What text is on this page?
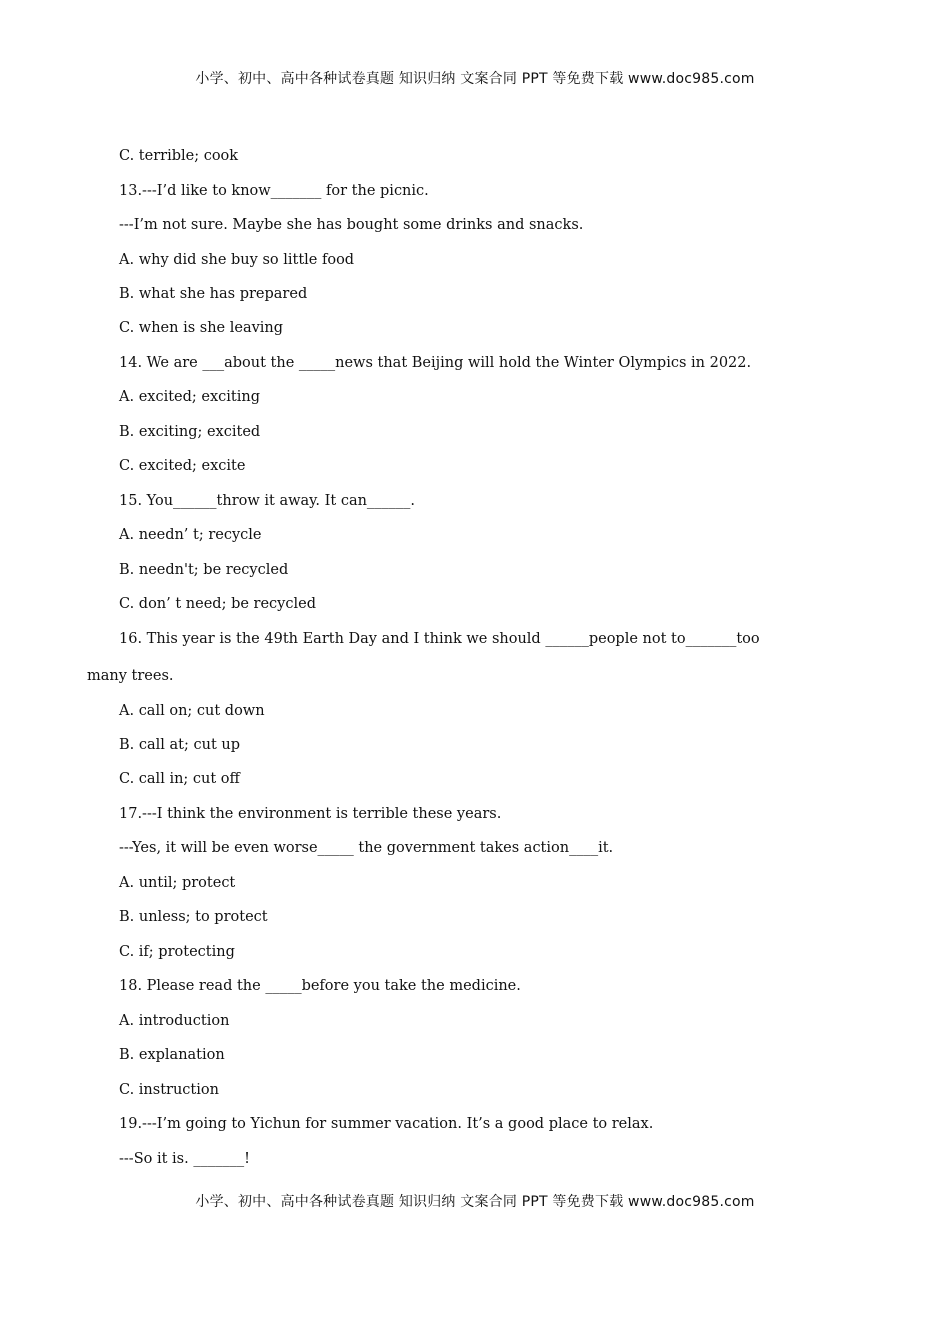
小学、初中、高中各种试卷真题 知识归纳 文案合同 PPT 等免费下载 www.doc985.com
C. terrible; cook
13.---I’d like to know_______ for the picnic.
---I’m not sure. Maybe she has bought some drinks and snacks.
A. why did she buy so little food
B. what she has prepared
C. when is she leaving
14. We are ___about the _____news that Beijing will hold the Winter Olympics in 2022.
A. excited; exciting
B. exciting; excited
C. excited; excite
15. You______throw it away. It can______.
A. needn’ t; recycle
B. needn't; be recycled
C. don’ t need; be recycled
16. This year is the 49th Earth Day and I think we should ______people not to_______too
many trees.
A. call on; cut down
B. call at; cut up
C. call in; cut off
17.---I think the environment is terrible these years.
---Yes, it will be even worse_____ the government takes action____it.
A. until; protect
B. unless; to protect
C. if; protecting
18. Please read the _____before you take the medicine.
A. introduction
B. explanation
C. instruction
19.---I’m going to Yichun for summer vacation. It’s a good place to relax.
---So it is. _______!
小学、初中、高中各种试卷真题 知识归纳 文案合同 PPT 等免费下载 www.doc985.com
